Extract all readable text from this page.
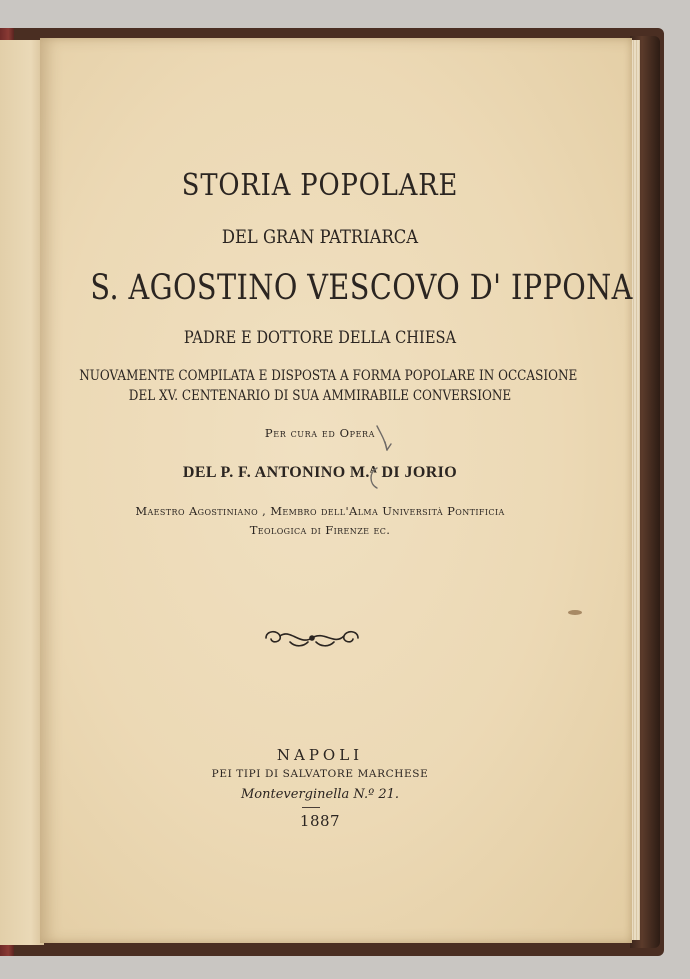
STORIA POPOLARE
DEL GRAN PATRIARCA
S. AGOSTINO VESCOVO D' IPPONA
PADRE E DOTTORE DELLA CHIESA
NUOVAMENTE COMPILATA E DISPOSTA A FORMA POPOLARE IN OCCASIONE
DEL XV. CENTENARIO DI SUA AMMIRABILE CONVERSIONE
Per cura ed Opera
DEL P. F. ANTONINO M.ᴬ DI JORIO
Maestro Agostiniano , Membro dell'Alma Università Pontificia
Teologica di Firenze ec.
NAPOLI
PEI TIPI DI SALVATORE MARCHESE
Monteverginella N.º 21.
1887
